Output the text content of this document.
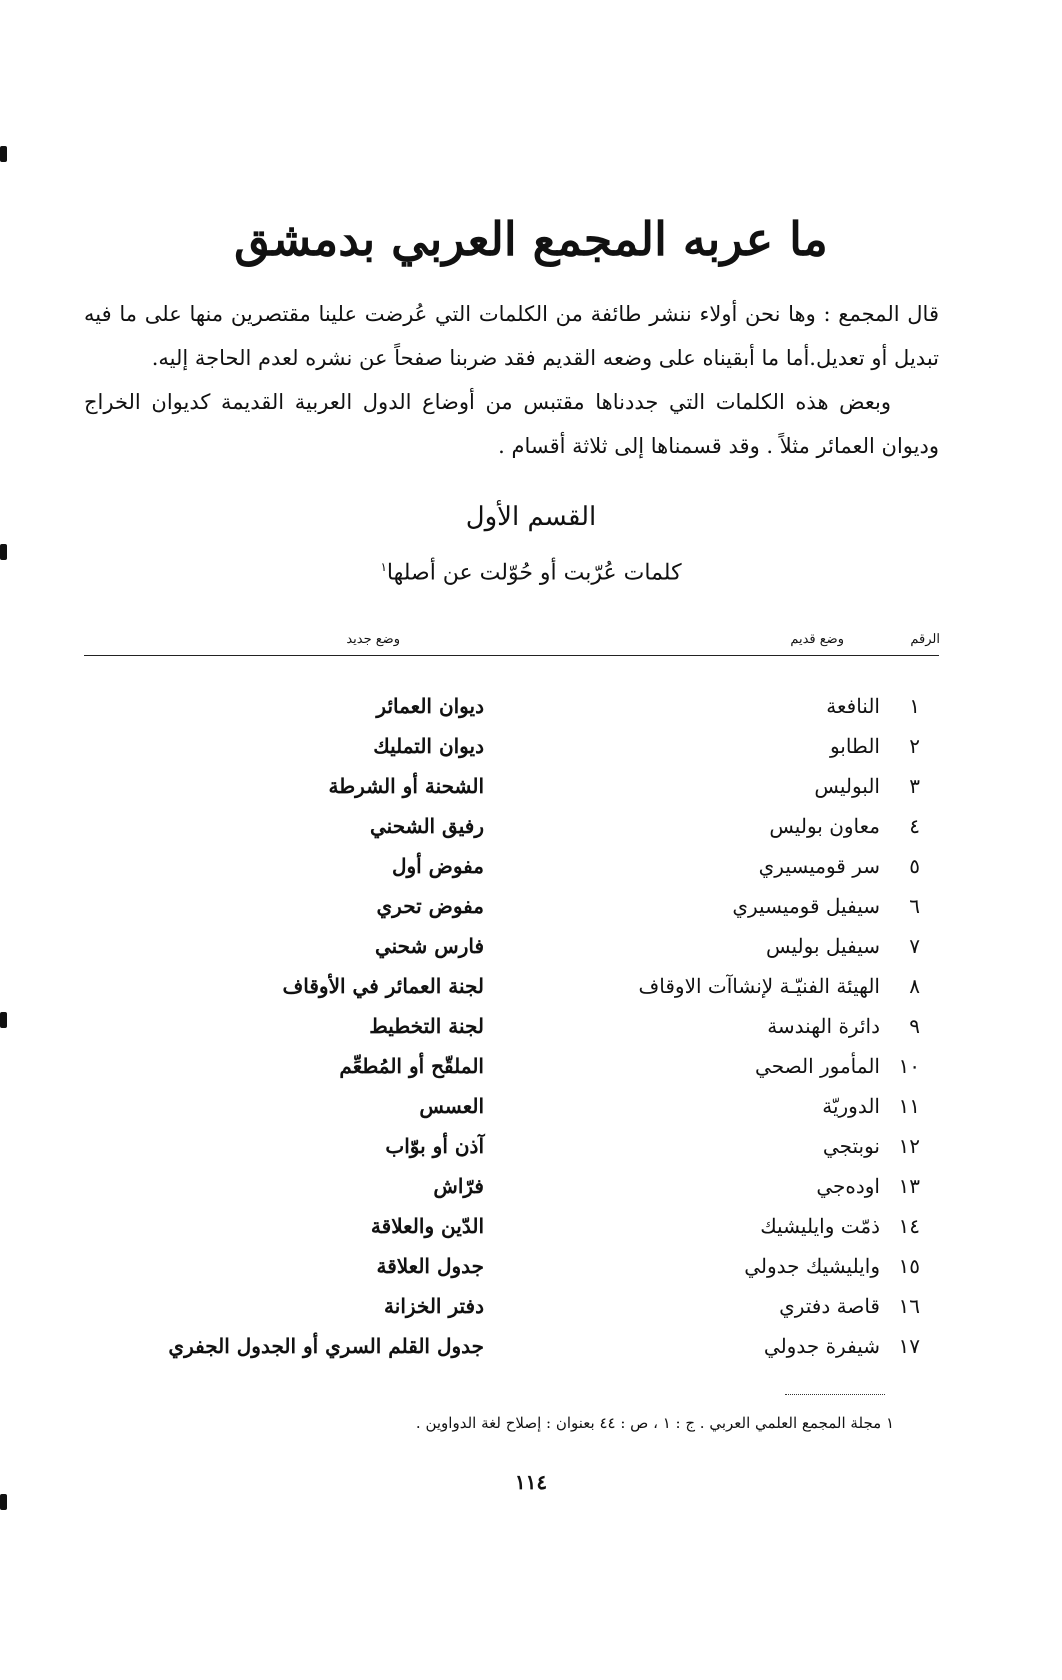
ما عربه المجمع العربي بدمشق

قال المجمع : وها نحن أولاء ننشر طائفة من الكلمات التي عُرضت علينا مقتصرين منها على ما فيه تبديل أو تعديل.أما ما أبقيناه على وضعه القديم فقد ضربنا صفحاً عن نشره لعدم الحاجة إليه.

وبعض هذه الكلمات التي جددناها مقتبس من أوضاع الدول العربية القديمة كديوان الخراج وديوان العمائر مثلاً . وقد قسمناها إلى ثلاثة أقسام .

القسم الأول
كلمات عُرّبت أو حُوّلت عن أصلها$^١$
الرقم
وضع قديم
وضع جديد
١
النافعة
ديوان العمائر
٢
الطابو
ديوان التمليك
٣
البوليس
الشحنة أو الشرطة
٤
معاون بوليس
رفيق الشحني
٥
سر قوميسيري
مفوض أول
٦
سيفيل قوميسيري
مفوض تحري
٧
سيفيل بوليس
فارس شحني
٨
الهيئة الفنيّـة لإنشاآت الاوقاف
لجنة العمائر في الأوقاف
٩
دائرة الهندسة
لجنة التخطيط
١٠
المأمور الصحي
الملقّح أو المُطعِّم
١١
الدوريّة
العسس
١٢
نوبتجي
آذن أو بوّاب
١٣
اوده‌جي
فرّاش
١٤
ذمّت وايليشيك
الدّين والعلاقة
١٥
وايليشيك جدولي
جدول العلاقة
١٦
قاصة دفتري
دفتر الخزانة
١٧
شيفرة جدولي
جدول القلم السري أو الجدول الجفري
١ مجلة المجمع العلمي العربي . ج : ١ ، ص : ٤٤ بعنوان : إصلاح لغة الدواوين .
١١٤
